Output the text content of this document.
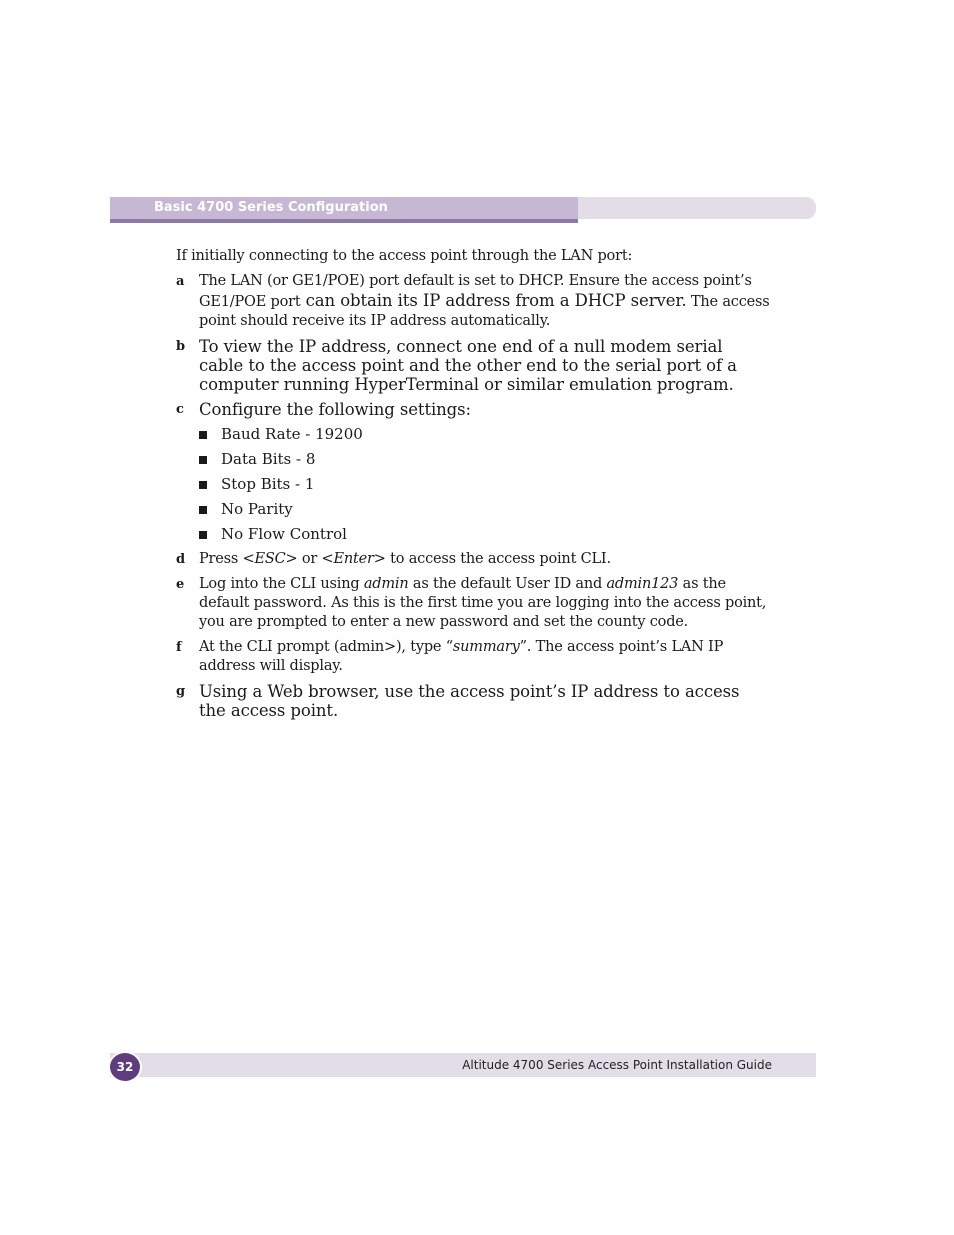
Basic 4700 Series Configuration

If initially connecting to the access point through the LAN port:

a The LAN (or GE1/POE) port default is set to DHCP. Ensure the access point’s GE1/POE port can obtain its IP address from a DHCP server. The access point should receive its IP address automatically.

b To view the IP address, connect one end of a null modem serial cable to the access point and the other end to the serial port of a computer running HyperTerminal or similar emulation program.

c Configure the following settings:

Baud Rate - 19200
Data Bits - 8
Stop Bits - 1
No Parity
No Flow Control
d Press <ESC> or <Enter> to access the access point CLI.

e Log into the CLI using admin as the default User ID and admin123 as the default password. As this is the first time you are logging into the access point, you are prompted to enter a new password and set the county code.

f At the CLI prompt (admin>), type “summary”. The access point’s LAN IP address will display.

g Using a Web browser, use the access point’s IP address to access the access point.

32	Altitude 4700 Series Access Point Installation Guide
